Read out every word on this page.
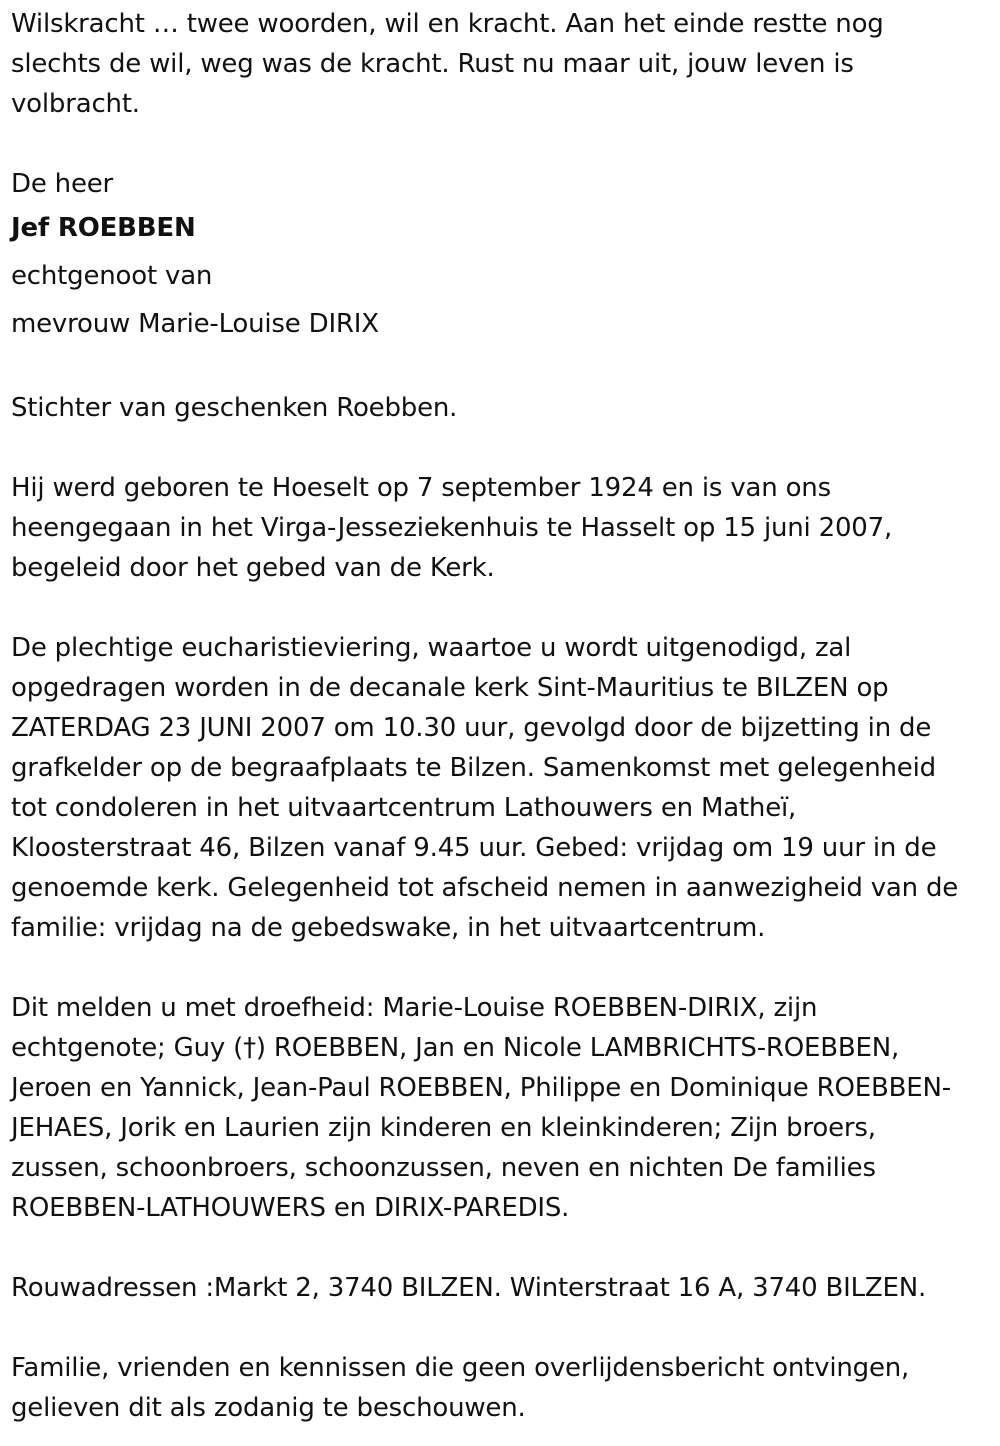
Wilskracht … twee woorden, wil en kracht. Aan het einde restte nog
slechts de wil, weg was de kracht. Rust nu maar uit, jouw leven is
volbracht.
De heer
Jef ROEBBEN
echtgenoot van
mevrouw Marie-Louise DIRIX
Stichter van geschenken Roebben.
Hij werd geboren te Hoeselt op 7 september 1924 en is van ons
heengegaan in het Virga-Jesseziekenhuis te Hasselt op 15 juni 2007,
begeleid door het gebed van de Kerk.
De plechtige eucharistieviering, waartoe u wordt uitgenodigd, zal
opgedragen worden in de decanale kerk Sint-Mauritius te BILZEN op
ZATERDAG 23 JUNI 2007 om 10.30 uur, gevolgd door de bijzetting in de
grafkelder op de begraafplaats te Bilzen. Samenkomst met gelegenheid
tot condoleren in het uitvaartcentrum Lathouwers en Matheï,
Kloosterstraat 46, Bilzen vanaf 9.45 uur. Gebed: vrijdag om 19 uur in de
genoemde kerk. Gelegenheid tot afscheid nemen in aanwezigheid van de
familie: vrijdag na de gebedswake, in het uitvaartcentrum.
Dit melden u met droefheid: Marie-Louise ROEBBEN-DIRIX, zijn
echtgenote; Guy (†) ROEBBEN, Jan en Nicole LAMBRICHTS-ROEBBEN,
Jeroen en Yannick, Jean-Paul ROEBBEN, Philippe en Dominique ROEBBEN-
JEHAES, Jorik en Laurien zijn kinderen en kleinkinderen; Zijn broers,
zussen, schoonbroers, schoonzussen, neven en nichten De families
ROEBBEN-LATHOUWERS en DIRIX-PAREDIS.
Rouwadressen :Markt 2, 3740 BILZEN. Winterstraat 16 A, 3740 BILZEN.
Familie, vrienden en kennissen die geen overlijdensbericht ontvingen,
gelieven dit als zodanig te beschouwen.
